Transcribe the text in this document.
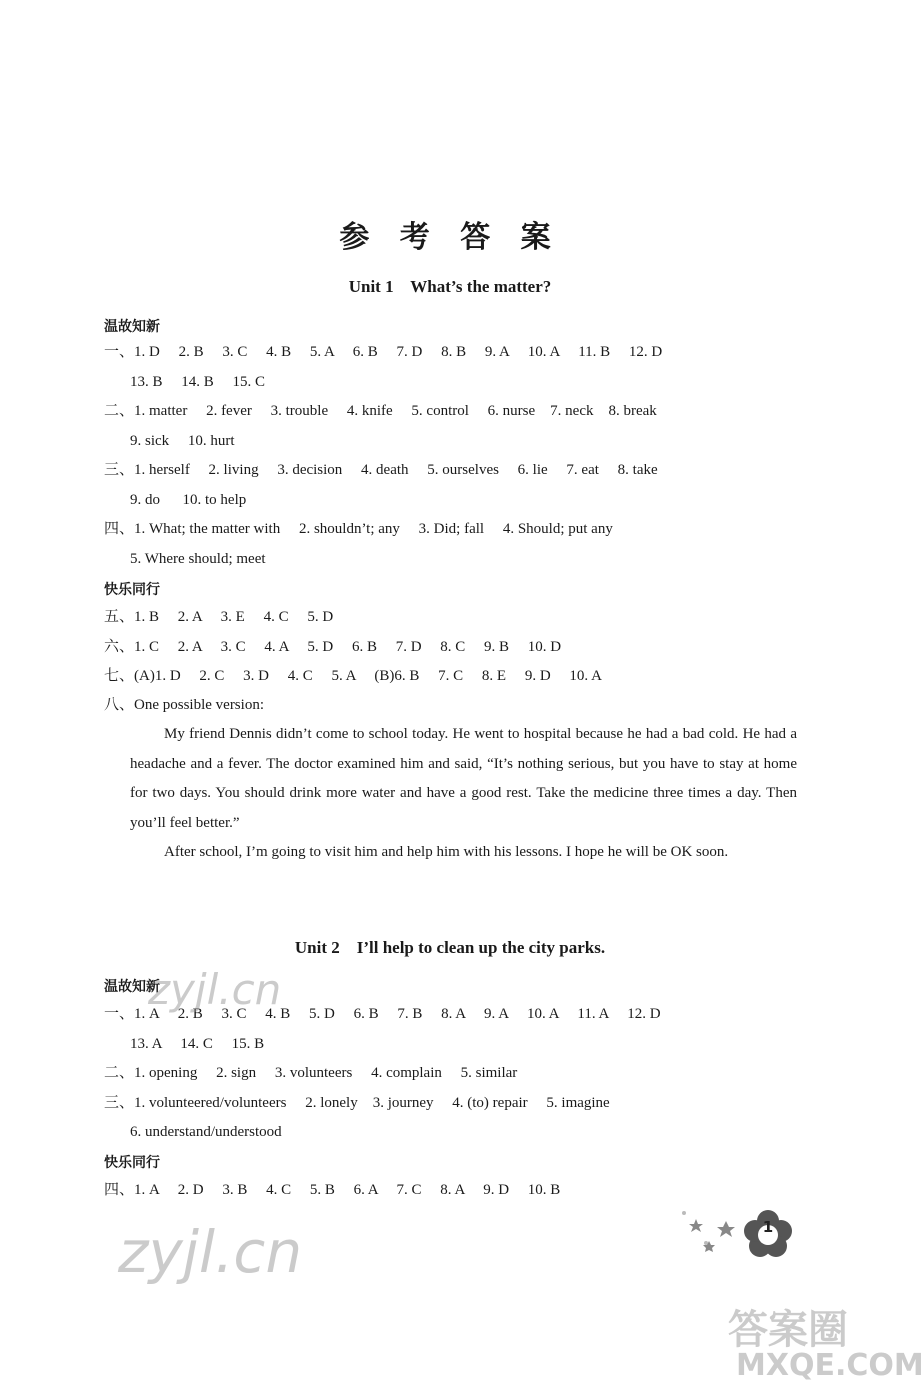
参 考 答 案
Unit 1    What’s the matter?
温故知新
一、1. D     2. B     3. C     4. B     5. A     6. B     7. D     8. B     9. A     10. A     11. B     12. D
13. B     14. B     15. C
二、1. matter     2. fever     3. trouble     4. knife     5. control     6. nurse    7. neck    8. break
9. sick     10. hurt
三、1. herself     2. living     3. decision     4. death     5. ourselves     6. lie     7. eat     8. take
9. do      10. to help
四、1. What; the matter with     2. shouldn’t; any     3. Did; fall     4. Should; put any
5. Where should; meet
快乐同行
五、1. B     2. A     3. E     4. C     5. D
六、1. C     2. A     3. C     4. A     5. D     6. B     7. D     8. C     9. B     10. D
七、(A)1. D     2. C     3. D     4. C     5. A     (B)6. B     7. C     8. E     9. D     10. A
八、One possible version:
My friend Dennis didn’t come to school today. He went to hospital because he had a bad cold. He had a headache and a fever. The doctor examined him and said, “It’s nothing serious, but you have to stay at home for two days. You should drink more water and have a good rest. Take the medicine three times a day. Then you’ll feel better.”
After school, I’m going to visit him and help him with his lessons. I hope he will be OK soon.
Unit 2    I’ll help to clean up the city parks.
温故知新
一、1. A     2. B     3. C     4. B     5. D     6. B     7. B     8. A     9. A     10. A     11. A     12. D
13. A     14. C     15. B
二、1. opening     2. sign     3. volunteers     4. complain     5. similar
三、1. volunteered/volunteers     2. lonely    3. journey     4. (to) repair     5. imagine
6. understand/understood
快乐同行
四、1. A     2. D     3. B     4. C     5. B     6. A     7. C     8. A     9. D     10. B
zyjl.cn
zyjl.cn
答案圈
MXQE.COM
1
